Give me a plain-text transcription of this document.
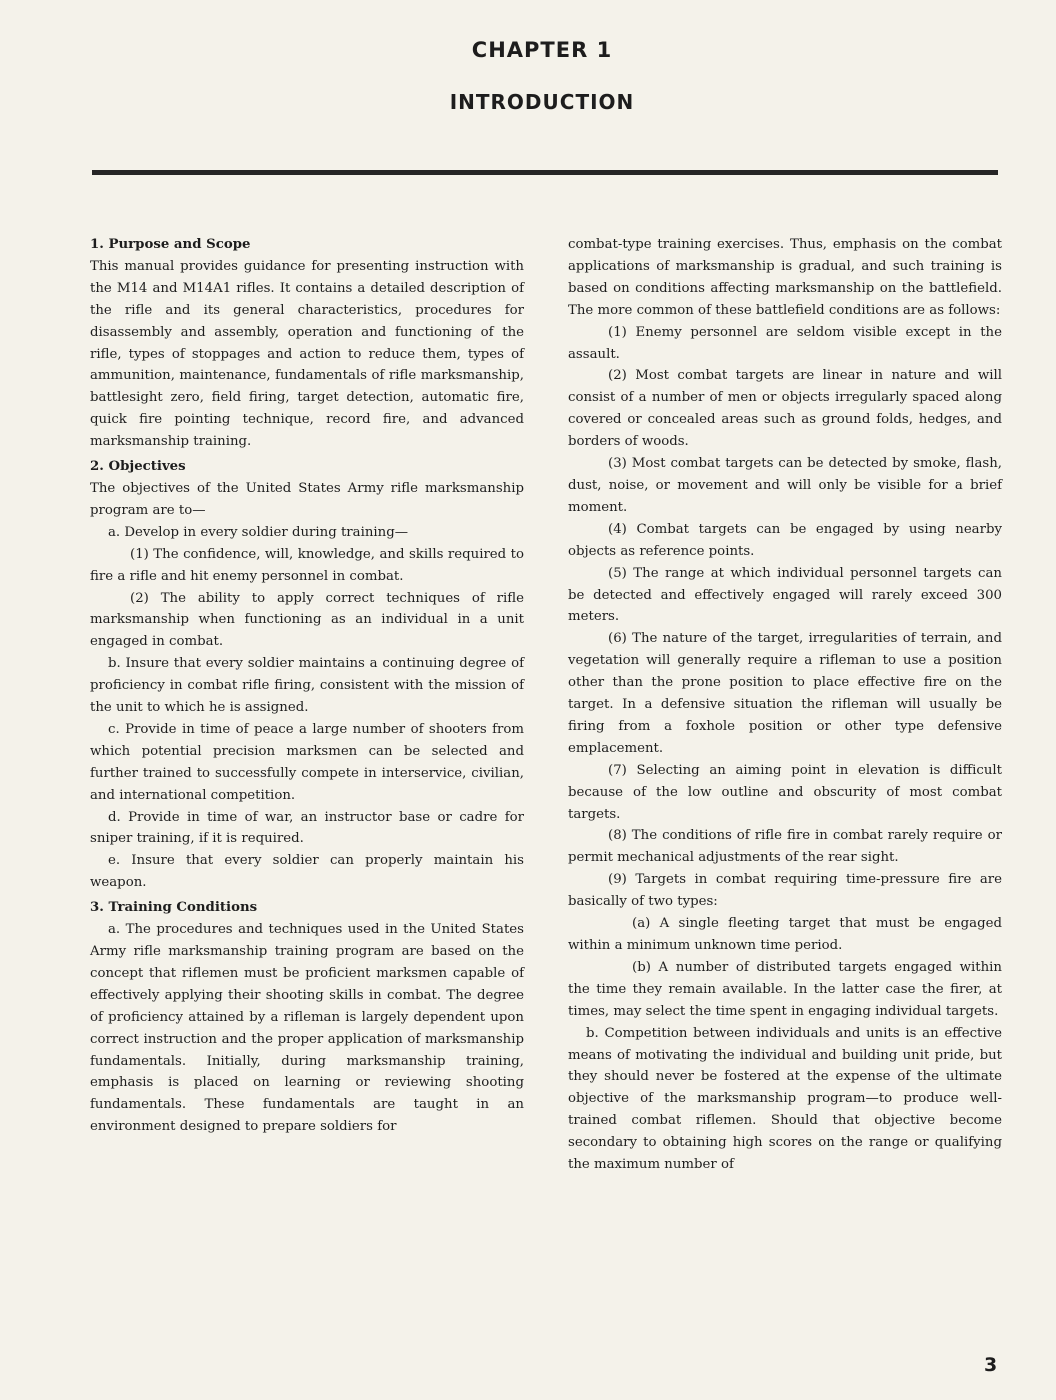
CHAPTER 1
INTRODUCTION

1. Purpose and Scope

This manual provides guidance for presenting instruction with the M14 and M14A1 rifles. It contains a detailed description of the rifle and its general characteristics, procedures for disassembly and assembly, operation and functioning of the rifle, types of stoppages and action to reduce them, types of ammunition, maintenance, fundamentals of rifle marksmanship, battlesight zero, field firing, target detection, automatic fire, quick fire pointing technique, record fire, and advanced marksmanship training.

2. Objectives

The objectives of the United States Army rifle marksmanship program are to—

a. Develop in every soldier during training—

(1) The confidence, will, knowledge, and skills required to fire a rifle and hit enemy personnel in combat.

(2) The ability to apply correct techniques of rifle marksmanship when functioning as an individual in a unit engaged in combat.

b. Insure that every soldier maintains a continuing degree of proficiency in combat rifle firing, consistent with the mission of the unit to which he is assigned.

c. Provide in time of peace a large number of shooters from which potential precision marksmen can be selected and further trained to successfully compete in interservice, civilian, and international competition.

d. Provide in time of war, an instructor base or cadre for sniper training, if it is required.

e. Insure that every soldier can properly maintain his weapon.

3. Training Conditions

a. The procedures and techniques used in the United States Army rifle marksmanship training program are based on the concept that riflemen must be proficient marksmen capable of effectively applying their shooting skills in combat. The degree of proficiency attained by a rifleman is largely dependent upon correct instruction and the proper application of marksmanship fundamentals. Initially, during marksmanship training, emphasis is placed on learning or reviewing shooting fundamentals. These fundamentals are taught in an environment designed to prepare soldiers for

combat-type training exercises. Thus, emphasis on the combat applications of marksmanship is gradual, and such training is based on conditions affecting marksmanship on the battlefield. The more common of these battlefield conditions are as follows:

(1) Enemy personnel are seldom visible except in the assault.

(2) Most combat targets are linear in nature and will consist of a number of men or objects irregularly spaced along covered or concealed areas such as ground folds, hedges, and borders of woods.

(3) Most combat targets can be detected by smoke, flash, dust, noise, or movement and will only be visible for a brief moment.

(4) Combat targets can be engaged by using nearby objects as reference points.

(5) The range at which individual personnel targets can be detected and effectively engaged will rarely exceed 300 meters.

(6) The nature of the target, irregularities of terrain, and vegetation will generally require a rifleman to use a position other than the prone position to place effective fire on the target. In a defensive situation the rifleman will usually be firing from a foxhole position or other type defensive emplacement.

(7) Selecting an aiming point in elevation is difficult because of the low outline and obscurity of most combat targets.

(8) The conditions of rifle fire in combat rarely require or permit mechanical adjustments of the rear sight.

(9) Targets in combat requiring time-pressure fire are basically of two types:

(a) A single fleeting target that must be engaged within a minimum unknown time period.

(b) A number of distributed targets engaged within the time they remain available. In the latter case the firer, at times, may select the time spent in engaging individual targets.

b. Competition between individuals and units is an effective means of motivating the individual and building unit pride, but they should never be fostered at the expense of the ultimate objective of the marksmanship program—to produce well-trained combat riflemen. Should that objective become secondary to obtaining high scores on the range or qualifying the maximum number of

3
